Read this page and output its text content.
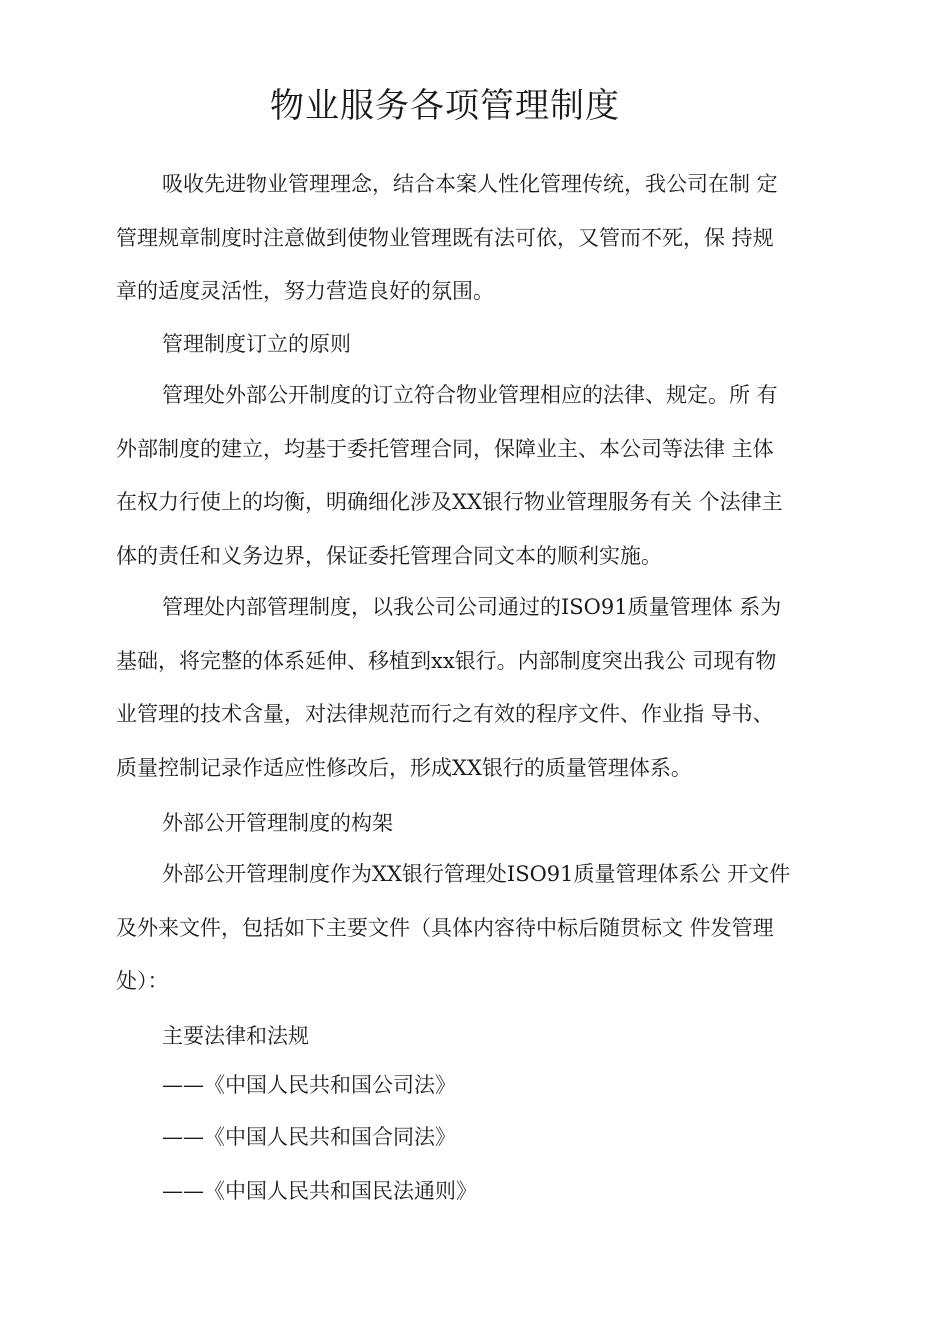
物业服务各项管理制度
吸收先进物业管理理念，结合本案人性化管理传统，我公司在制 定
管理规章制度时注意做到使物业管理既有法可依，又管而不死，保 持规
章的适度灵活性，努力营造良好的氛围。

管理制度订立的原则

管理处外部公开制度的订立符合物业管理相应的法律、规定。所 有
外部制度的建立，均基于委托管理合同，保障业主、本公司等法律 主体
在权力行使上的均衡，明确细化涉及XX银行物业管理服务有关 个法律主
体的责任和义务边界，保证委托管理合同文本的顺利实施。
管理处内部管理制度，以我公司公司通过的ISO91质量管理体 系为
基础，将完整的体系延伸、移植到xx银行。内部制度突出我公 司现有物
业管理的技术含量，对法律规范而行之有效的程序文件、作业指 导书、
质量控制记录作适应性修改后，形成XX银行的质量管理体系。

外部公开管理制度的构架

外部公开管理制度作为XX银行管理处ISO91质量管理体系公 开文件
及外来文件，包括如下主要文件（具体内容待中标后随贯标文 件发管理
处）：

主要法律和法规

——《中国人民共和国公司法》

——《中国人民共和国合同法》

——《中国人民共和国民法通则》
